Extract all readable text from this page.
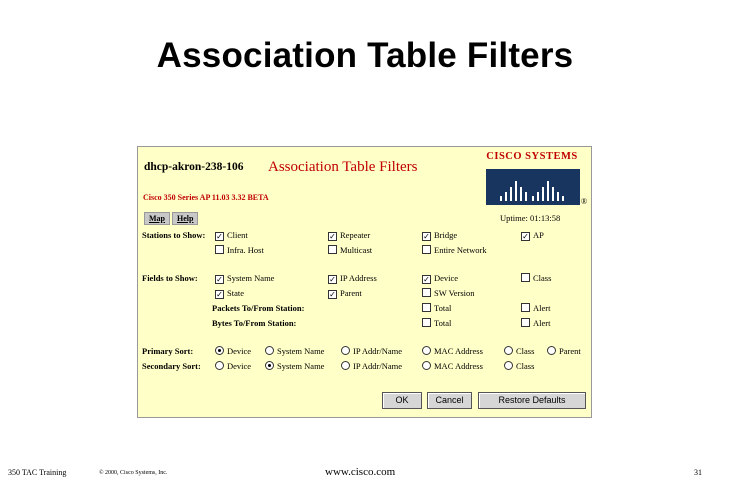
Association Table Filters
dhcp-akron-238-106 Association Table Filters
Cisco 350 Series AP 11.03 3.32 BETA
CISCO SYSTEMS
®
Map	Help	Uptime: 01:13:58
Stations to Show: ✓ Client	✓ Repeater	✓ Bridge	✓ AP
Infra. Host	Multicast	Entire Network
Fields to Show: ✓ System Name	✓ IP Address	✓ Device	Class
✓ State	✓ Parent	SW Version
Packets To/From Station:	Total	Alert
Bytes To/From Station:	Total	Alert
Primary Sort:	Device	System Name	IP Addr/Name	MAC Address	Class	Parent
Secondary Sort:	Device	System Name	IP Addr/Name	MAC Address	Class
OK	Cancel	Restore Defaults
350 TAC Training	© 2000, Cisco Systems, Inc.	www.cisco.com	31
